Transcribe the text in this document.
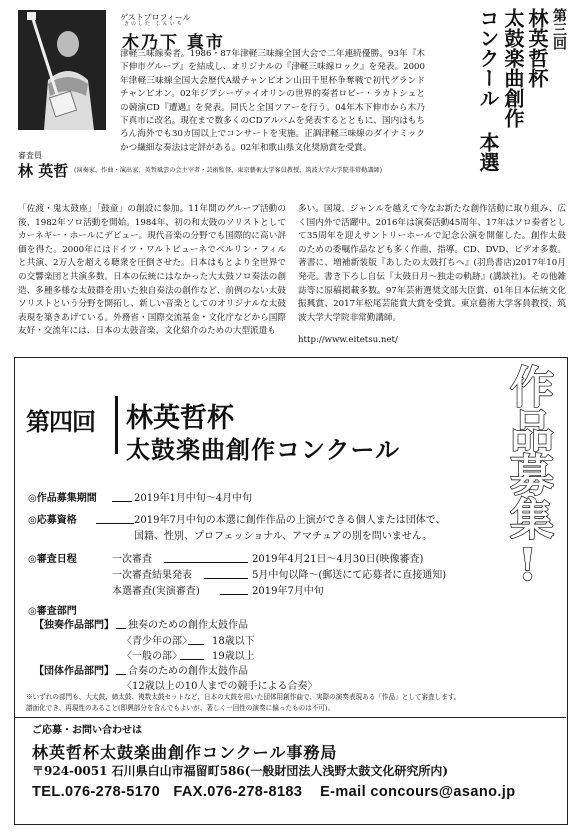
ゲストプロフィール
きのした しんいち
木乃下 真市
津軽三味線奏者。1986・87年津軽三味線全国大会で二年連続優勝。93年『木下伸市グループ』を結成し、オリジナルの『津軽三味線ロック』を発表。2000年津軽三味線全国大会歴代A級チャンピオン山田千里杯争奪戦で初代グランドチャンピオン。02年ジプシーヴァイオリンの世界的奏者ロビー・ラカトシュとの競演CD『遭遇』を発表。同氏と全国ツアーを行う。04年木下伸市から木乃下真市に改名。現在まで数多くのCDアルバムを発表するとともに、国内はもちろん海外でも30カ国以上でコンサートを実施。正調津軽三味線のダイナミックかつ繊細な奏法は定評がある。02年和歌山県文化奨励賞を受賞。
第三回
林英哲杯
太鼓楽曲創作
コンクール 本選
審査員
林 英哲 (演奏家、作曲・演出家、英哲風雲の会主宰者・芸術監督、東京藝術大学客員教授、筑波大学大学院非常勤講師)
「佐渡・鬼太鼓座」「鼓童」の創設に参加。11年間のグループ活動の後、1982年ソロ活動を開始。1984年、初の和太鼓のソリストとしてカーネギー・ホールにデビュー。現代音楽の分野でも国際的に高い評価を得た。2000年にはドイツ・ワルトビューネでベルリン・フィルと共演、2万人を超える聴衆を圧倒させた。日本はもとより全世界での交響楽団と共演多数。日本の伝統にはなかった大太鼓ソロ奏法の創造、多種多様な太鼓群を用いた独自奏法の創作など、前例のない太鼓ソリストという分野を開拓し、新しい音楽としてのオリジナルな太鼓表現を築きあげている。外務省・国際交流基金・文化庁などから国際友好・交流年には、日本の太鼓音楽、文化紹介のための大型派遣も
多い。国境、ジャンルを越えて今なお新たな創作活動に取り組み、広く国内外で活躍中。2016年は演奏活動45周年、17年はソロ奏者として35周年を迎えサントリーホールで記念公演を開催した。創作太鼓のための委嘱作品なども多く作曲、指導。CD、DVD、ビデオ多数。著書に、増補新装版『あしたの太鼓打ちへ』(羽鳥書店)2017年10月発売。書き下ろし自伝『太鼓日月〜独走の軌跡』(講談社)。その他雑誌等に原稿掲載多数。97年芸術選奨文部大臣賞、01年日本伝統文化振興賞、2017年松尾芸能賞大賞を受賞。東京藝術大学客員教授、筑波大学大学院非常勤講師。
http://www.eitetsu.net/
第四回 林英哲杯
太鼓楽曲創作コンクール	作品募集!
◎作品募集期間	2019年1月中旬〜4月中旬
◎応募資格	2019年7月中旬の本選に創作作品の上演ができる個人または団体で、
国籍、性別、プロフェッショナル、アマチュアの別を問いません。
◎審査日程	一次審査	2019年4月21日〜4月30日(映像審査)
一次審査結果発表	5月中旬以降〜(郵送にて応募者に直接通知)
本選審査(実演審査)	2019年7月中旬
◎審査部門
【独奏作品部門】 独奏のための創作太鼓作品
〈青少年の部〉 18歳以下
〈一般の部〉	19歳以上
【団体作品部門】 合奏のための創作太鼓作品
〈12歳以上の10人までの競手による合奏〉
※いずれの部門も、大太鼓、締太鼓、複数太鼓セットなど、日本の太鼓を用いた団体用創作曲で、実際の演奏表現ある「作品」として審査します。
譜面化でき、再現性のあること(即興部分を含んでもよいが、著しく一回性の演奏に偏ったものは不可)。
ご応募・お問い合わせは
林英哲杯太鼓楽曲創作コンクール事務局
〒924-0051 石川県白山市福留町586(一般財団法人浅野太鼓文化研究所内)
TEL.076-278-5170 FAX.076-278-8183 E-mail concours@asano.jp
